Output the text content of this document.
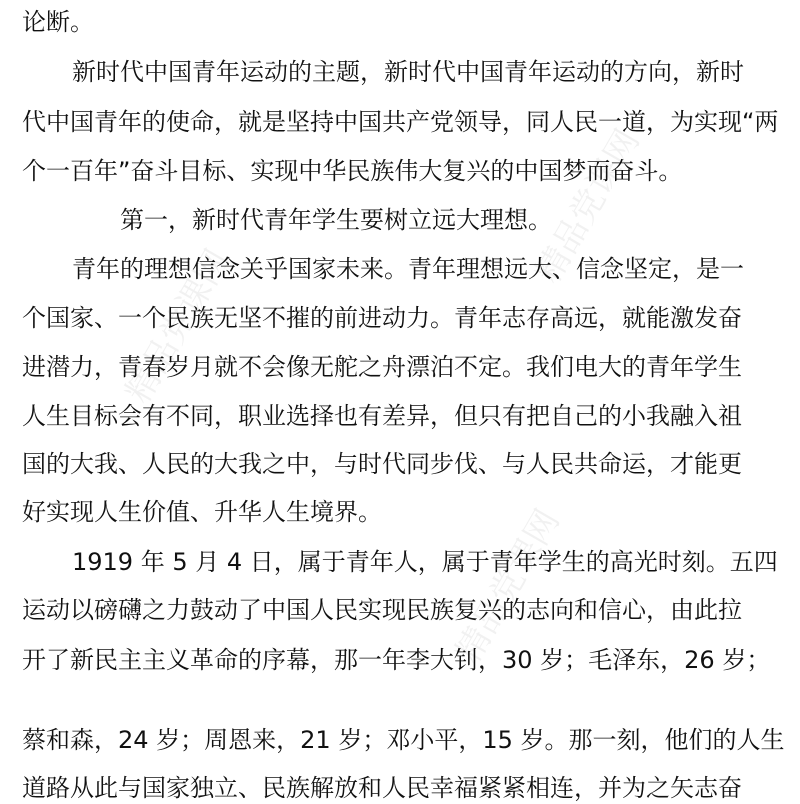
精品党课网
精品党课网
精品党课网
论断。
新时代中国青年运动的主题，新时代中国青年运动的方向，新时
代中国青年的使命，就是坚持中国共产党领导，同人民一道，为实现“两
个一百年”奋斗目标、实现中华民族伟大复兴的中国梦而奋斗。
第一，新时代青年学生要树立远大理想。
青年的理想信念关乎国家未来。青年理想远大、信念坚定，是一
个国家、一个民族无坚不摧的前进动力。青年志存高远，就能激发奋
进潜力，青春岁月就不会像无舵之舟漂泊不定。我们电大的青年学生
人生目标会有不同，职业选择也有差异，但只有把自己的小我融入祖
国的大我、人民的大我之中，与时代同步伐、与人民共命运，才能更
好实现人生价值、升华人生境界。
1919 年 5 月 4 日，属于青年人，属于青年学生的高光时刻。五四
运动以磅礴之力鼓动了中国人民实现民族复兴的志向和信心，由此拉
开了新民主主义革命的序幕，那一年李大钊，30 岁；毛泽东，26 岁；
蔡和森，24 岁；周恩来，21 岁；邓小平，15 岁。那一刻，他们的人生
道路从此与国家独立、民族解放和人民幸福紧紧相连，并为之矢志奋
